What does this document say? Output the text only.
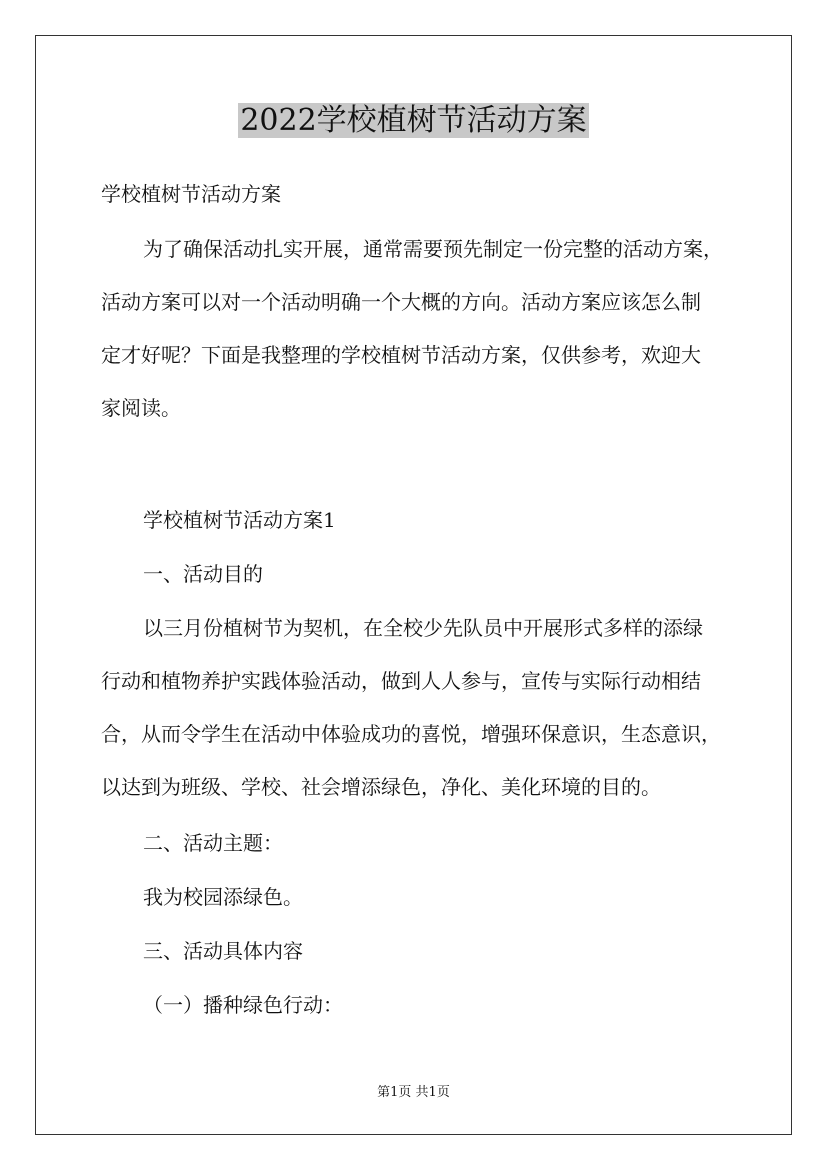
2022学校植树节活动方案
学校植树节活动方案
为了确保活动扎实开展，通常需要预先制定一份完整的活动方案，
活动方案可以对一个活动明确一个大概的方向。活动方案应该怎么制
定才好呢？下面是我整理的学校植树节活动方案，仅供参考，欢迎大
家阅读。
学校植树节活动方案1
一、活动目的
以三月份植树节为契机，在全校少先队员中开展形式多样的添绿
行动和植物养护实践体验活动，做到人人参与，宣传与实际行动相结
合，从而令学生在活动中体验成功的喜悦，增强环保意识，生态意识，
以达到为班级、学校、社会增添绿色，净化、美化环境的目的。
二、活动主题：
我为校园添绿色。
三、活动具体内容
（一）播种绿色行动：
第1页 共1页
